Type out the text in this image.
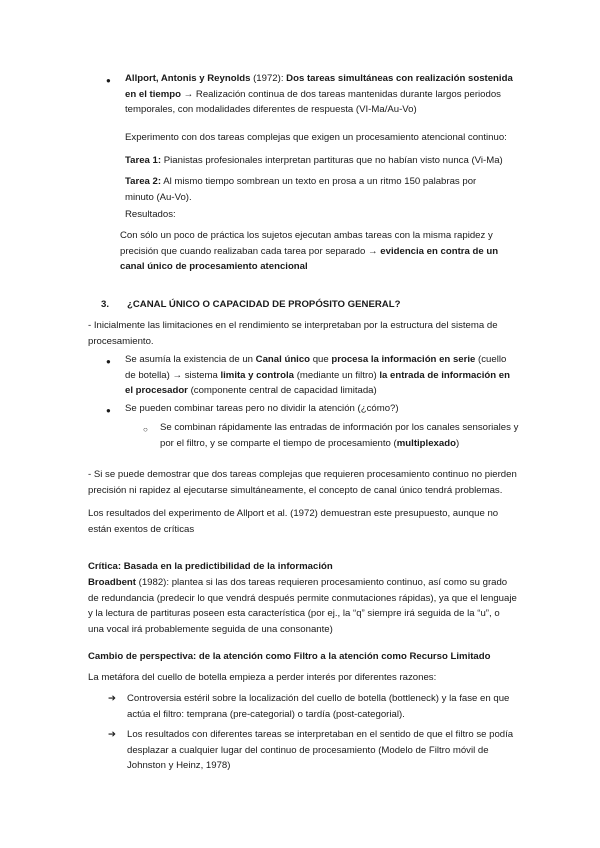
● Allport, Antonis y Reynolds (1972): Dos tareas simultáneas con realización sostenida en el tiempo → Realización continua de dos tareas mantenidas durante largos periodos temporales, con modalidades diferentes de respuesta (VI-Ma/Au-Vo)

Experimento con dos tareas complejas que exigen un procesamiento atencional continuo:

Tarea 1: Pianistas profesionales interpretan partituras que no habían visto nunca (Vi-Ma)

Tarea 2: Al mismo tiempo sombrean un texto en prosa a un ritmo 150 palabras por minuto (Au-Vo).

Resultados:

Con sólo un poco de práctica los sujetos ejecutan ambas tareas con la misma rapidez y precisión que cuando realizaban cada tarea por separado → evidencia en contra de un canal único de procesamiento atencional

3. ¿CANAL ÚNICO O CAPACIDAD DE PROPÓSITO GENERAL?

- Inicialmente las limitaciones en el rendimiento se interpretaban por la estructura del sistema de procesamiento.

● Se asumía la existencia de un Canal único que procesa la información en serie (cuello de botella) → sistema limita y controla (mediante un filtro) la entrada de información en el procesador (componente central de capacidad limitada)

● Se pueden combinar tareas pero no dividir la atención (¿cómo?)

○ Se combinan rápidamente las entradas de información por los canales sensoriales y por el filtro, y se comparte el tiempo de procesamiento (multiplexado)

- Si se puede demostrar que dos tareas complejas que requieren procesamiento continuo no pierden precisión ni rapidez al ejecutarse simultáneamente, el concepto de canal único tendrá problemas.

Los resultados del experimento de Allport et al. (1972) demuestran este presupuesto, aunque no están exentos de críticas

Crítica: Basada en la predictibilidad de la información

Broadbent (1982): plantea si las dos tareas requieren procesamiento continuo, así como su grado de redundancia (predecir lo que vendrá después permite conmutaciones rápidas), ya que el lenguaje y la lectura de partituras poseen esta característica (por ej., la “q” siempre irá seguida de la “u”, o una vocal irá probablemente seguida de una consonante)

Cambio de perspectiva: de la atención como Filtro a la atención como Recurso Limitado

La metáfora del cuello de botella empieza a perder interés por diferentes razones:

➔ Controversia estéril sobre la localización del cuello de botella (bottleneck) y la fase en que actúa el filtro: temprana (pre-categorial) o tardía (post-categorial).

➔ Los resultados con diferentes tareas se interpretaban en el sentido de que el filtro se podía desplazar a cualquier lugar del continuo de procesamiento (Modelo de Filtro móvil de Johnston y Heinz, 1978)
